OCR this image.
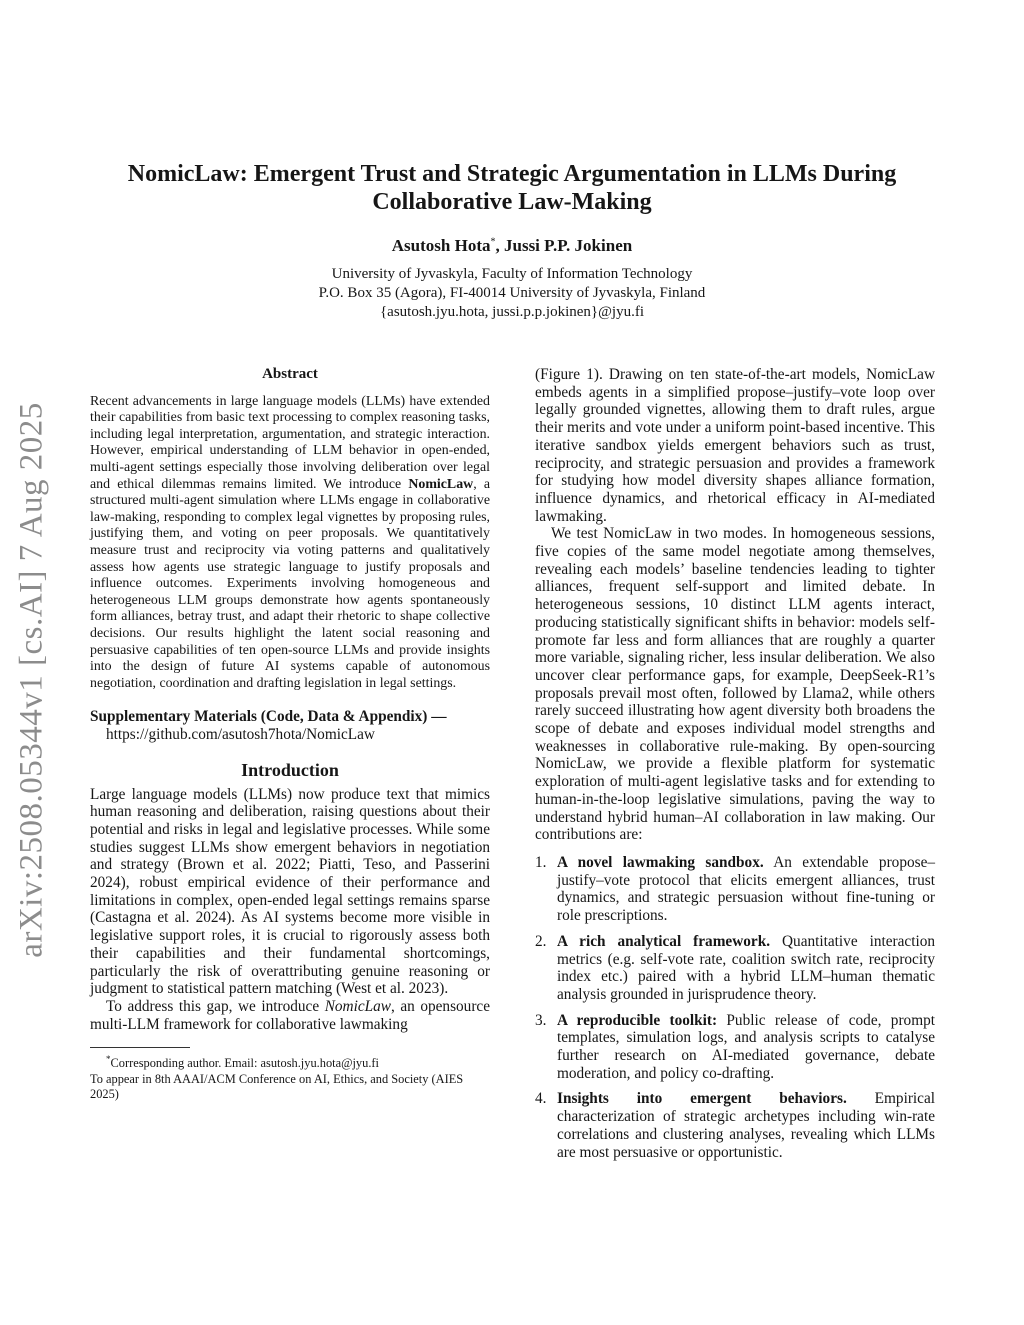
arXiv:2508.05344v1 [cs.AI] 7 Aug 2025
NomicLaw: Emergent Trust and Strategic Argumentation in LLMs During Collaborative Law-Making
Asutosh Hota*, Jussi P.P. Jokinen
University of Jyvaskyla, Faculty of Information Technology
P.O. Box 35 (Agora), FI-40014 University of Jyvaskyla, Finland
{asutosh.jyu.hota, jussi.p.p.jokinen}@jyu.fi
Abstract

Recent advancements in large language models (LLMs) have extended their capabilities from basic text processing to complex reasoning tasks, including legal interpretation, argumentation, and strategic interaction. However, empirical understanding of LLM behavior in open-ended, multi-agent settings especially those involving deliberation over legal and ethical dilemmas remains limited. We introduce NomicLaw, a structured multi-agent simulation where LLMs engage in collaborative law-making, responding to complex legal vignettes by proposing rules, justifying them, and voting on peer proposals. We quantitatively measure trust and reciprocity via voting patterns and qualitatively assess how agents use strategic language to justify proposals and influence outcomes. Experiments involving homogeneous and heterogeneous LLM groups demonstrate how agents spontaneously form alliances, betray trust, and adapt their rhetoric to shape collective decisions. Our results highlight the latent social reasoning and persuasive capabilities of ten open-source LLMs and provide insights into the design of future AI systems capable of autonomous negotiation, coordination and drafting legislation in legal settings.

Supplementary Materials (Code, Data & Appendix) —
https://github.com/asutosh7hota/NomicLaw
Introduction

Large language models (LLMs) now produce text that mimics human reasoning and deliberation, raising questions about their potential and risks in legal and legislative processes. While some studies suggest LLMs show emergent behaviors in negotiation and strategy (Brown et al. 2022; Piatti, Teso, and Passerini 2024), robust empirical evidence of their performance and limitations in complex, open-ended legal settings remains sparse (Castagna et al. 2024). As AI systems become more visible in legislative support roles, it is crucial to rigorously assess both their capabilities and their fundamental shortcomings, particularly the risk of overattributing genuine reasoning or judgment to statistical pattern matching (West et al. 2023).

To address this gap, we introduce NomicLaw, an opensource multi-LLM framework for collaborative lawmaking

*Corresponding author. Email: asutosh.jyu.hota@jyu.fi
To appear in 8th AAAI/ACM Conference on AI, Ethics, and Society (AIES 2025)

(Figure 1). Drawing on ten state-of-the-art models, NomicLaw embeds agents in a simplified propose–justify–vote loop over legally grounded vignettes, allowing them to draft rules, argue their merits and vote under a uniform point-based incentive. This iterative sandbox yields emergent behaviors such as trust, reciprocity, and strategic persuasion and provides a framework for studying how model diversity shapes alliance formation, influence dynamics, and rhetorical efficacy in AI-mediated lawmaking.

We test NomicLaw in two modes. In homogeneous sessions, five copies of the same model negotiate among themselves, revealing each models’ baseline tendencies leading to tighter alliances, frequent self-support and limited debate. In heterogeneous sessions, 10 distinct LLM agents interact, producing statistically significant shifts in behavior: models self-promote far less and form alliances that are roughly a quarter more variable, signaling richer, less insular deliberation. We also uncover clear performance gaps, for example, DeepSeek-R1’s proposals prevail most often, followed by Llama2, while others rarely succeed illustrating how agent diversity both broadens the scope of debate and exposes individual model strengths and weaknesses in collaborative rule-making. By open-sourcing NomicLaw, we provide a flexible platform for systematic exploration of multi-agent legislative tasks and for extending to human-in-the-loop legislative simulations, paving the way to understand hybrid human–AI collaboration in law making. Our contributions are:

1. A novel lawmaking sandbox. An extendable propose–justify–vote protocol that elicits emergent alliances, trust dynamics, and strategic persuasion without fine-tuning or role prescriptions.
2. A rich analytical framework. Quantitative interaction metrics (e.g. self-vote rate, coalition switch rate, reciprocity index etc.) paired with a hybrid LLM–human thematic analysis grounded in jurisprudence theory.
3. A reproducible toolkit: Public release of code, prompt templates, simulation logs, and analysis scripts to catalyse further research on AI-mediated governance, debate moderation, and policy co-drafting.
4. Insights into emergent behaviors. Empirical characterization of strategic archetypes including win-rate correlations and clustering analyses, revealing which LLMs are most persuasive or opportunistic.
